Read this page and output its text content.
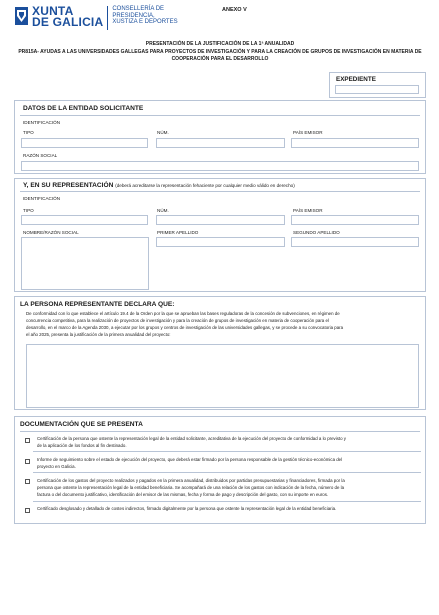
XUNTA
DE GALICIA
CONSELLERÍA DE
PRESIDENCIA,
XUSTIZA E DEPORTES
ANEXO V
PRESENTACIÓN DE LA JUSTIFICACIÓN DE LA 1ª ANUALIDAD
PR815A- AYUDAS A LAS UNIVERSIDADES GALLEGAS PARA PROYECTOS DE INVESTIGACIÓN Y PARA LA CREACIÓN DE GRUPOS DE INVESTIGACIÓN EN MATERIA DE
COOPERACIÓN PARA EL DESARROLLO
EXPEDIENTE
DATOS DE LA ENTIDAD SOLICITANTE
IDENTIFICACIÓN
TIPO	NÚM.	PAÍS EMISOR
RAZÓN SOCIAL
Y, EN SU REPRESENTACIÓN (deberá acreditarse la representación fehaciente por cualquier medio válido en derecho)
IDENTIFICACIÓN
TIPO	NÚM.	PAÍS EMISOR
NOMBRE/RAZÓN SOCIAL	PRIMER APELLIDO	SEGUNDO APELLIDO
LA PERSONA REPRESENTANTE DECLARA QUE:
De conformidad con lo que establece el artículo 19.4 de la Orden por la que se aprueban las bases reguladoras de la concesión de subvenciones, en régimen de
concurrencia competitiva, para la realización de proyectos de investigación y para la creación de grupos de investigación en materia de cooperación para el
desarrollo, en el marco de la Agenda 2030, a ejecutar por los grupos y centros de investigación de las universidades gallegas, y se procede a su convocatoria para
el año 2025, presenta la justificación de la primera anualidad del proyecto:
DOCUMENTACIÓN QUE SE PRESENTA
Certificación de la persona que ostente la representación legal de la entidad solicitante, acreditativa de la ejecución del proyecto de conformidad a lo previsto y
de la aplicación de los fondos al fin destinado.
Informe de seguimiento sobre el estado de ejecución del proyecto, que deberá estar firmado por la persona responsable de la gestión técnico-económica del
proyecto en Galicia.
Certificación de los gastos del proyecto realizados y pagados en la primera anualidad, distribuidos por partidas presupuestarias y financiadores, firmada por la
persona que ostente la representación legal de la entidad beneficiaria. Se acompañará de una relación de los gastos con indicación de la fecha, número de la
factura o del documento justificativo, identificación del emisor de las mismas, fecha y forma de pago y descripción del gasto, con su importe en euros.
Certificado desglosado y detallado de costes indirectos, firmado digitalmente por la persona que ostente la representación legal de la entidad beneficiaria.
